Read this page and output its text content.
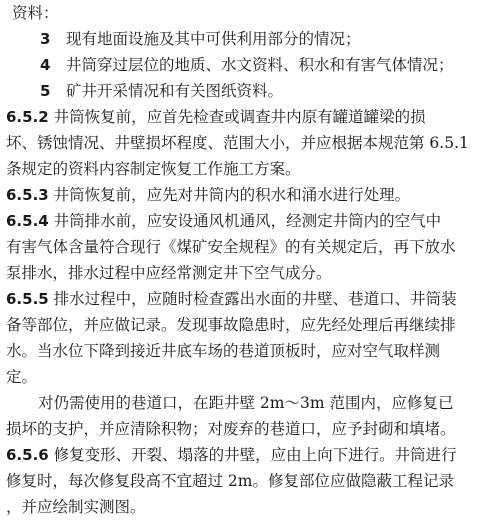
资料：
3 现有地面设施及其中可供利用部分的情况；
4 井筒穿过层位的地质、水文资料、积水和有害气体情况；
5 矿井开采情况和有关图纸资料。
6.5.2 井筒恢复前，应首先检查或调查井内原有罐道罐梁的损
坏、锈蚀情况、井壁损坏程度、范围大小，并应根据本规范第 6.5.1
条规定的资料内容制定恢复工作施工方案。
6.5.3 井筒恢复前，应先对井筒内的积水和涌水进行处理。
6.5.4 井筒排水前，应安设通风机通风，经测定井筒内的空气中
有害气体含量符合现行《煤矿安全规程》的有关规定后，再下放水
泵排水，排水过程中应经常测定井下空气成分。
6.5.5 排水过程中，应随时检查露出水面的井壁、巷道口、井筒装
备等部位，并应做记录。发现事故隐患时，应先经处理后再继续排
水。当水位下降到接近井底车场的巷道顶板时，应对空气取样测
定。
对仍需使用的巷道口，在距井壁 2m～3m 范围内，应修复已
损坏的支护，并应清除积物；对废弃的巷道口，应予封砌和填堵。
6.5.6 修复变形、开裂、塌落的井壁，应由上向下进行。井筒进行
修复时，每次修复段高不宜超过 2m。修复部位应做隐蔽工程记录
，并应绘制实测图。
